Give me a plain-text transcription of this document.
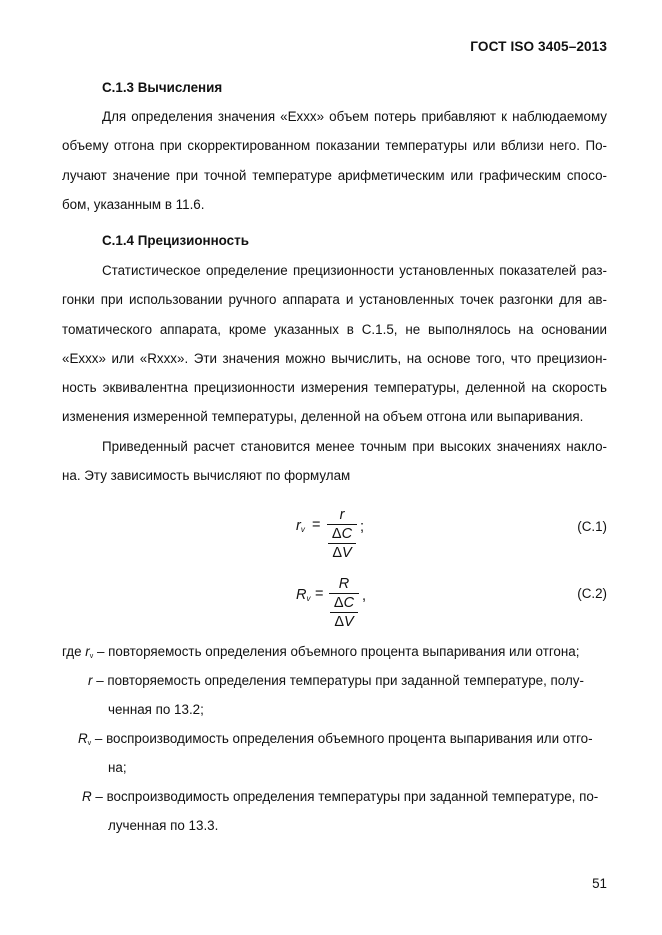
ГОСТ ISO 3405–2013
С.1.3 Вычисления
Для определения значения «Exxx» объем потерь прибавляют к наблюдаемому
объему отгона при скорректированном показании температуры или вблизи него. По-
лучают значение при точной температуре арифметическим или графическим спосо-
бом, указанным в 11.6.
С.1.4 Прецизионность
Статистическое определение прецизионности установленных показателей раз-
гонки при использовании ручного аппарата и установленных точек разгонки для ав-
томатического аппарата, кроме указанных в С.1.5, не выполнялось на основании
«Exxx» или «Rxxx». Эти значения можно вычислить, на основе того, что прецизион-
ность эквивалентна прецизионности измерения температуры, деленной на скорость
изменения измеренной температуры, деленной на объем отгона или выпаривания.
Приведенный расчет становится менее точным при высоких значениях накло-
на. Эту зависимость вычисляют по формулам
$r_v$ =
r
ΔC
ΔV
;	(С.1)
$R_v$ =
R
ΔC
ΔV
,	(С.2)
где $r_v$ – повторяемость определения объемного процента выпаривания или отгона;
r – повторяемость определения температуры при заданной температуре, полу-
ченная по 13.2;
$R_v$ – воспроизводимость определения объемного процента выпаривания или отго-
на;
R – воспроизводимость определения температуры при заданной температуре, по-
лученная по 13.3.
51
